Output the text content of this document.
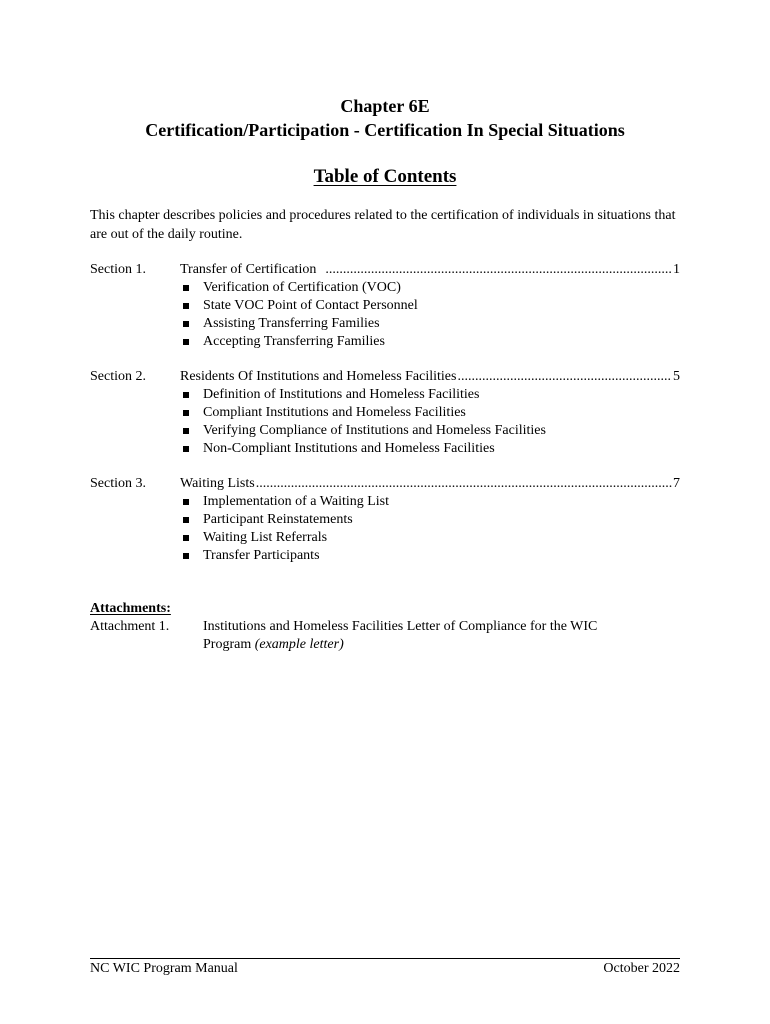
Chapter 6E
Certification/Participation - Certification In Special Situations
Table of Contents
This chapter describes policies and procedures related to the certification of individuals in situations that are out of the daily routine.
Section 1.	Transfer of Certification .....	1
Verification of Certification (VOC)
State VOC Point of Contact Personnel
Assisting Transferring Families
Accepting Transferring Families
Section 2.	Residents Of Institutions and Homeless Facilities .....	5
Definition of Institutions and Homeless Facilities
Compliant Institutions and Homeless Facilities
Verifying Compliance of Institutions and Homeless Facilities
Non-Compliant Institutions and Homeless Facilities
Section 3.	Waiting Lists .....	7
Implementation of a Waiting List
Participant Reinstatements
Waiting List Referrals
Transfer Participants
Attachments:
Attachment 1.	Institutions and Homeless Facilities Letter of Compliance for the WIC Program (example letter)
NC WIC Program Manual	October 2022
